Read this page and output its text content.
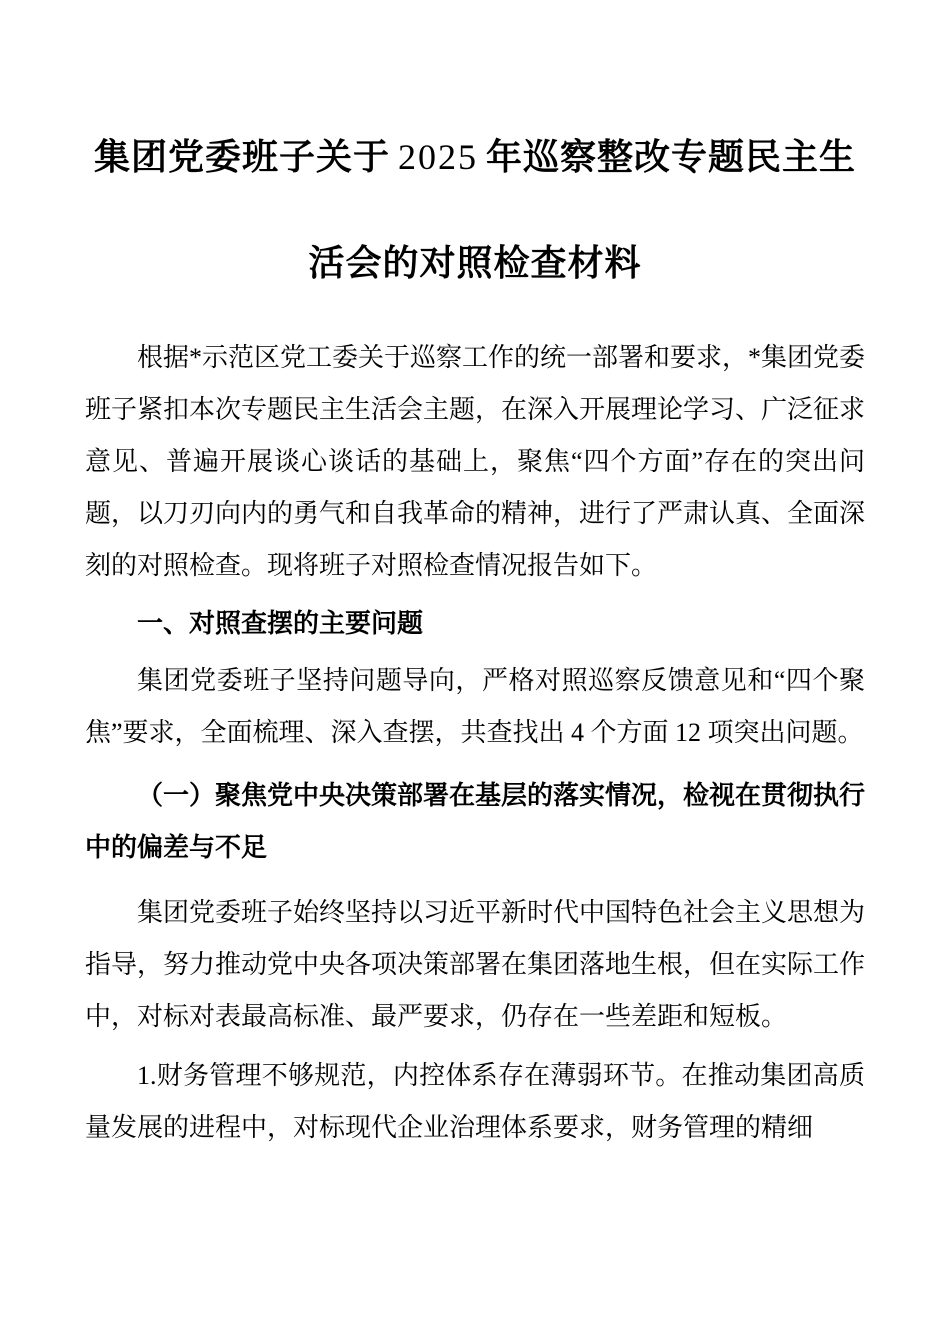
集团党委班子关于 2025 年巡察整改专题民主生活会的对照检查材料

根据*示范区党工委关于巡察工作的统一部署和要求，*集团党委班子紧扣本次专题民主生活会主题，在深入开展理论学习、广泛征求意见、普遍开展谈心谈话的基础上，聚焦“四个方面”存在的突出问题，以刀刃向内的勇气和自我革命的精神，进行了严肃认真、全面深刻的对照检查。现将班子对照检查情况报告如下。

一、对照查摆的主要问题

集团党委班子坚持问题导向，严格对照巡察反馈意见和“四个聚焦”要求，全面梳理、深入查摆，共查找出 4 个方面 12 项突出问题。

（一）聚焦党中央决策部署在基层的落实情况，检视在贯彻执行中的偏差与不足

集团党委班子始终坚持以习近平新时代中国特色社会主义思想为指导，努力推动党中央各项决策部署在集团落地生根，但在实际工作中，对标对表最高标准、最严要求，仍存在一些差距和短板。

1.财务管理不够规范，内控体系存在薄弱环节。在推动集团高质量发展的进程中，对标现代企业治理体系要求，财务管理的精细
